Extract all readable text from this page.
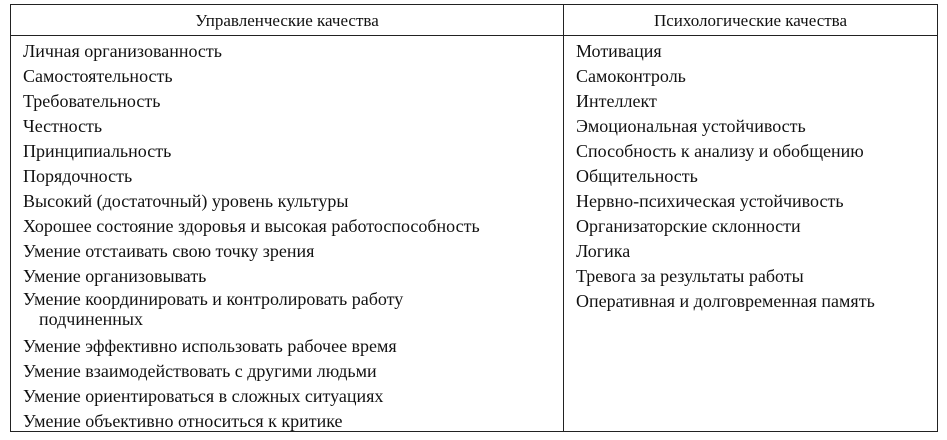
Управленческие качества	Психологические качества
Личная организованность
Самостоятельность
Требовательность
Честность
Принципиальность
Порядочность
Высокий (достаточный) уровень культуры
Хорошее состояние здоровья и высокая работоспособность
Умение отстаивать свою точку зрения
Умение организовывать
Умение координировать и контролировать работу
подчиненных
Умение эффективно использовать рабочее время
Умение взаимодействовать с другими людьми
Умение ориентироваться в сложных ситуациях
Умение объективно относиться к критике
Мотивация
Самоконтроль
Интеллект
Эмоциональная устойчивость
Способность к анализу и обобщению
Общительность
Нервно-психическая устойчивость
Организаторские склонности
Логика
Тревога за результаты работы
Оперативная и долговременная память
